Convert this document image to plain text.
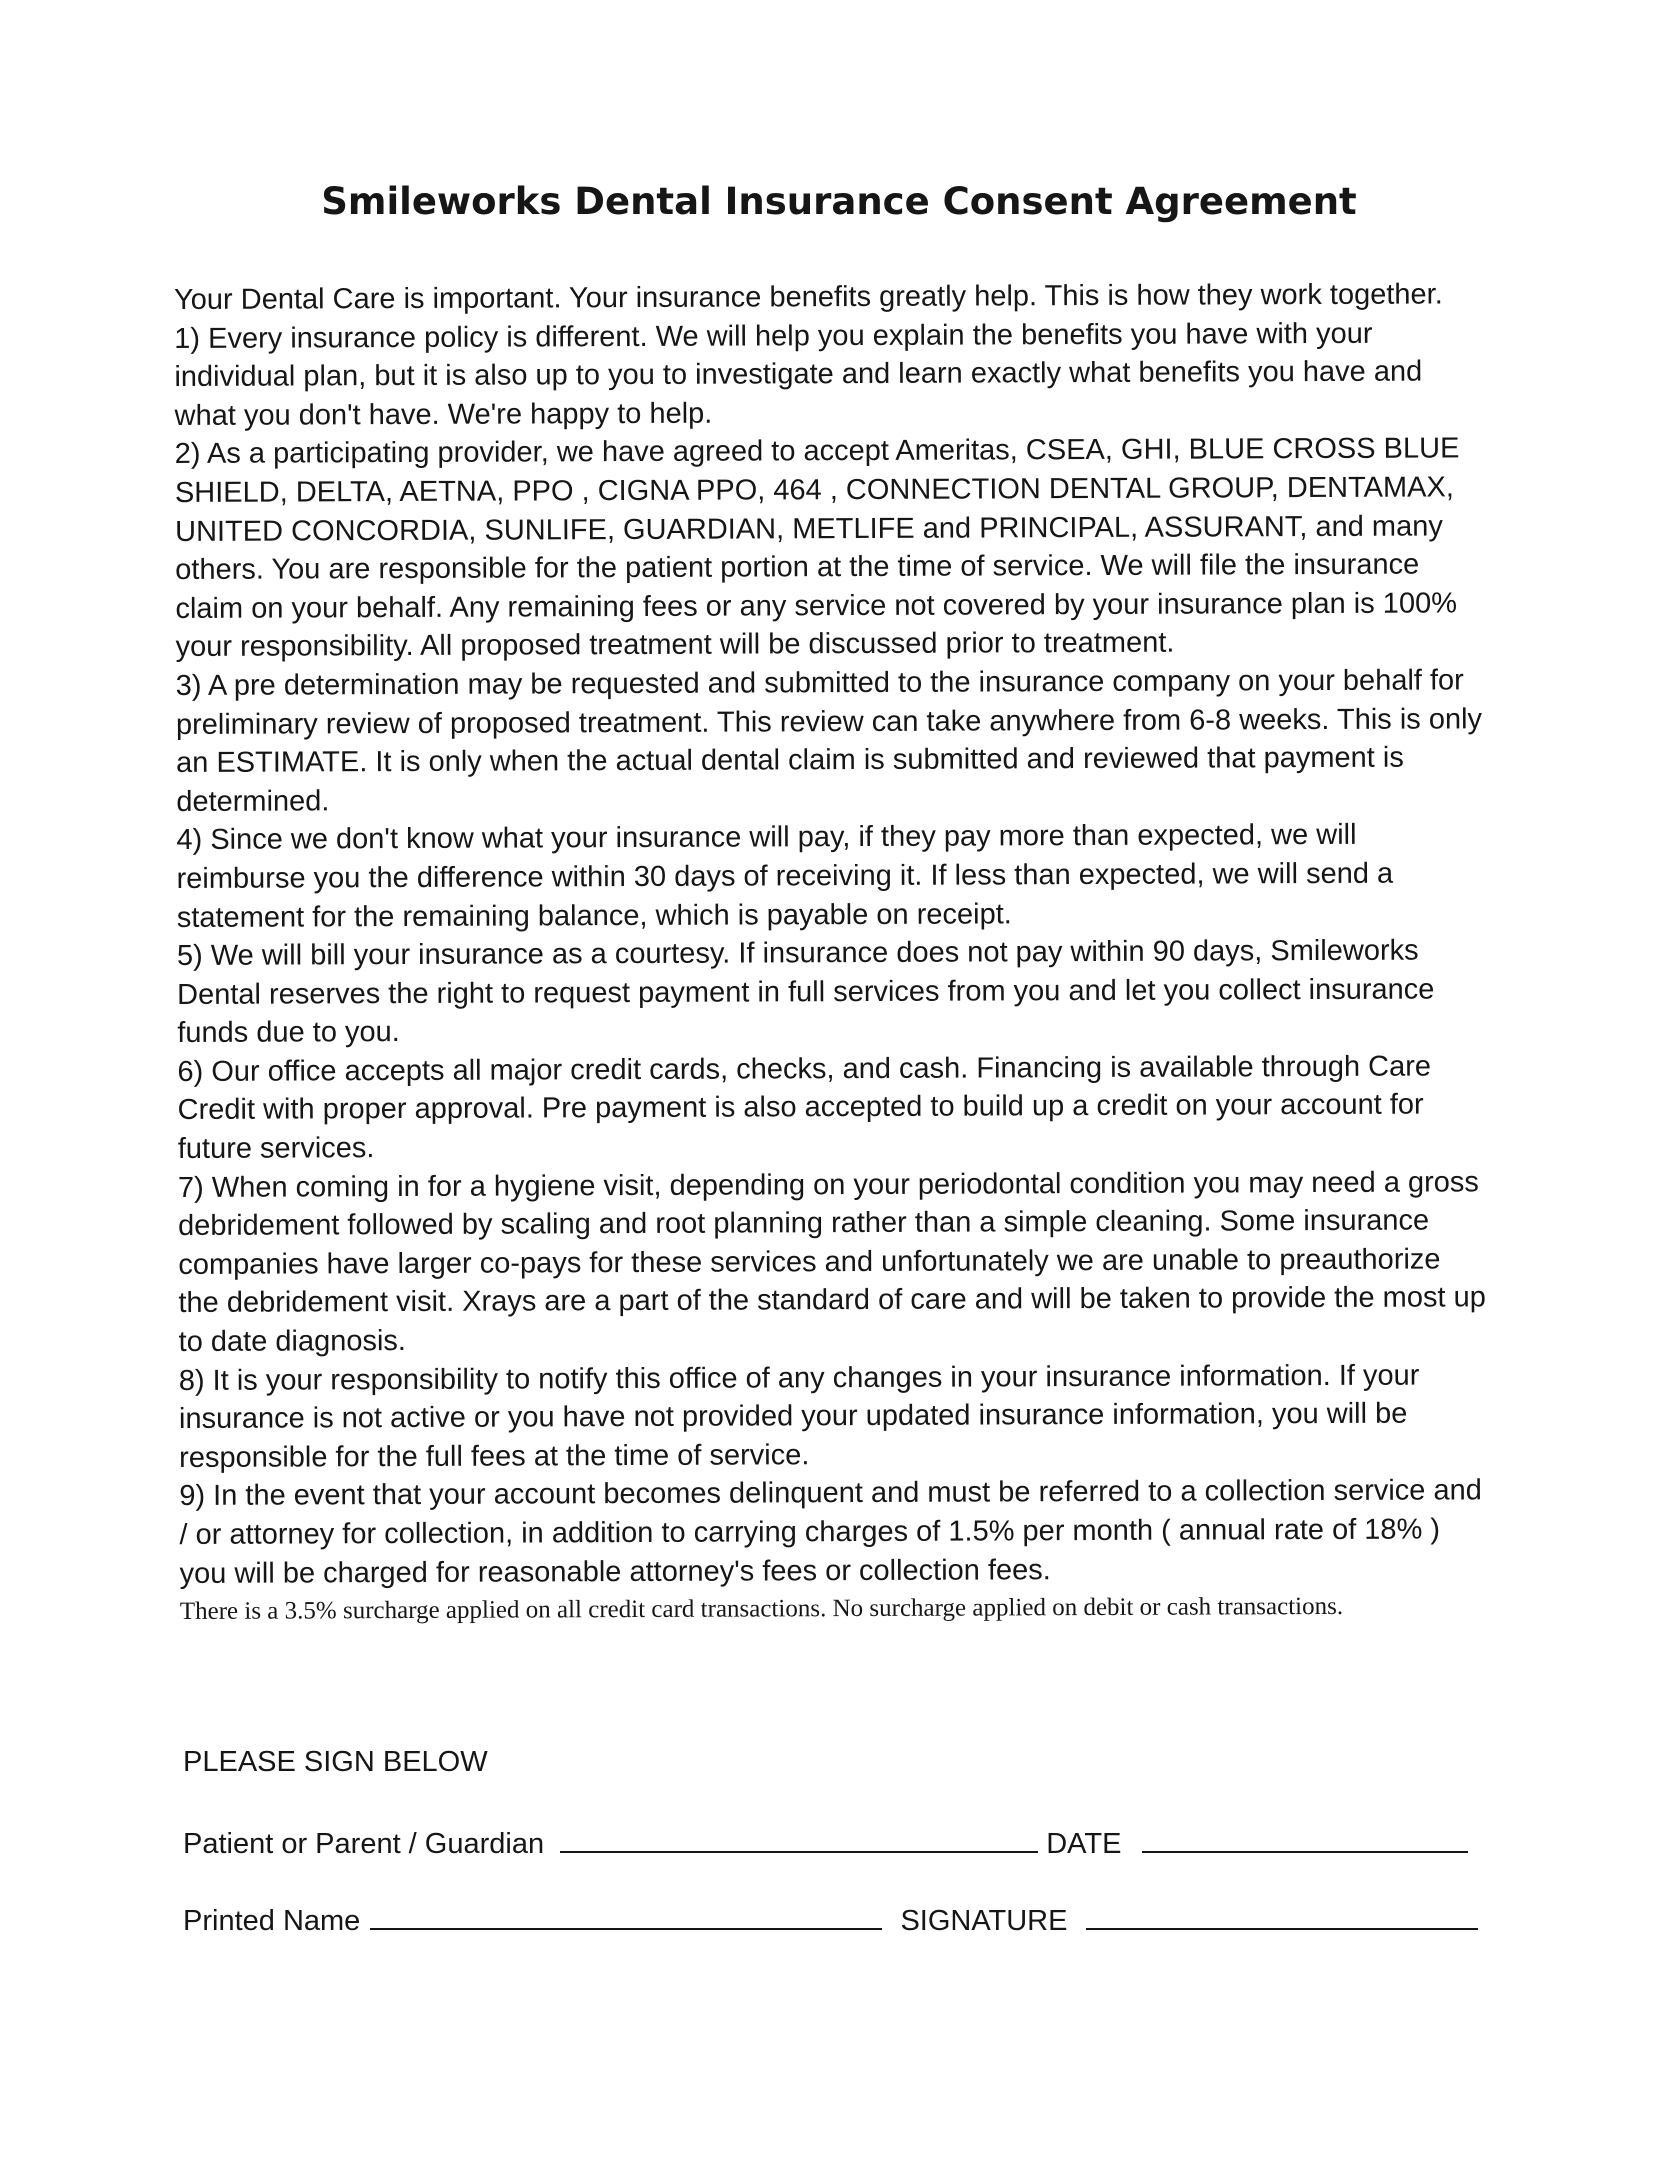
Smileworks Dental Insurance Consent Agreement

Your Dental Care is important. Your insurance benefits greatly help. This is how they work together.

1) Every insurance policy is different. We will help you explain the benefits you have with your individual plan, but it is also up to you to investigate and learn exactly what benefits you have and what you don't have. We're happy to help.

2) As a participating provider, we have agreed to accept Ameritas, CSEA, GHI, BLUE CROSS BLUE SHIELD, DELTA, AETNA, PPO , CIGNA PPO, 464 , CONNECTION DENTAL GROUP, DENTAMAX, UNITED CONCORDIA, SUNLIFE, GUARDIAN, METLIFE and PRINCIPAL, ASSURANT, and many others. You are responsible for the patient portion at the time of service. We will file the insurance claim on your behalf. Any remaining fees or any service not covered by your insurance plan is 100% your responsibility. All proposed treatment will be discussed prior to treatment.

3) A pre determination may be requested and submitted to the insurance company on your behalf for preliminary review of proposed treatment. This review can take anywhere from 6-8 weeks. This is only an ESTIMATE. It is only when the actual dental claim is submitted and reviewed that payment is determined.

4) Since we don't know what your insurance will pay, if they pay more than expected, we will reimburse you the difference within 30 days of receiving it. If less than expected, we will send a statement for the remaining balance, which is payable on receipt.

5) We will bill your insurance as a courtesy. If insurance does not pay within 90 days, Smileworks Dental reserves the right to request payment in full services from you and let you collect insurance funds due to you.

6) Our office accepts all major credit cards, checks, and cash. Financing is available through Care Credit with proper approval. Pre payment is also accepted to build up a credit on your account for future services.

7) When coming in for a hygiene visit, depending on your periodontal condition you may need a gross debridement followed by scaling and root planning rather than a simple cleaning. Some insurance companies have larger co-pays for these services and unfortunately we are unable to preauthorize the debridement visit. Xrays are a part of the standard of care and will be taken to provide the most up to date diagnosis.

8) It is your responsibility to notify this office of any changes in your insurance information. If your insurance is not active or you have not provided your updated insurance information, you will be responsible for the full fees at the time of service.

9) In the event that your account becomes delinquent and must be referred to a collection service and / or attorney for collection, in addition to carrying charges of 1.5% per month ( annual rate of 18% ) you will be charged for reasonable attorney's fees or collection fees.

There is a 3.5% surcharge applied on all credit card transactions. No surcharge applied on debit or cash transactions.

PLEASE SIGN BELOW
Patient or Parent / Guardian	DATE
Printed Name	SIGNATURE
